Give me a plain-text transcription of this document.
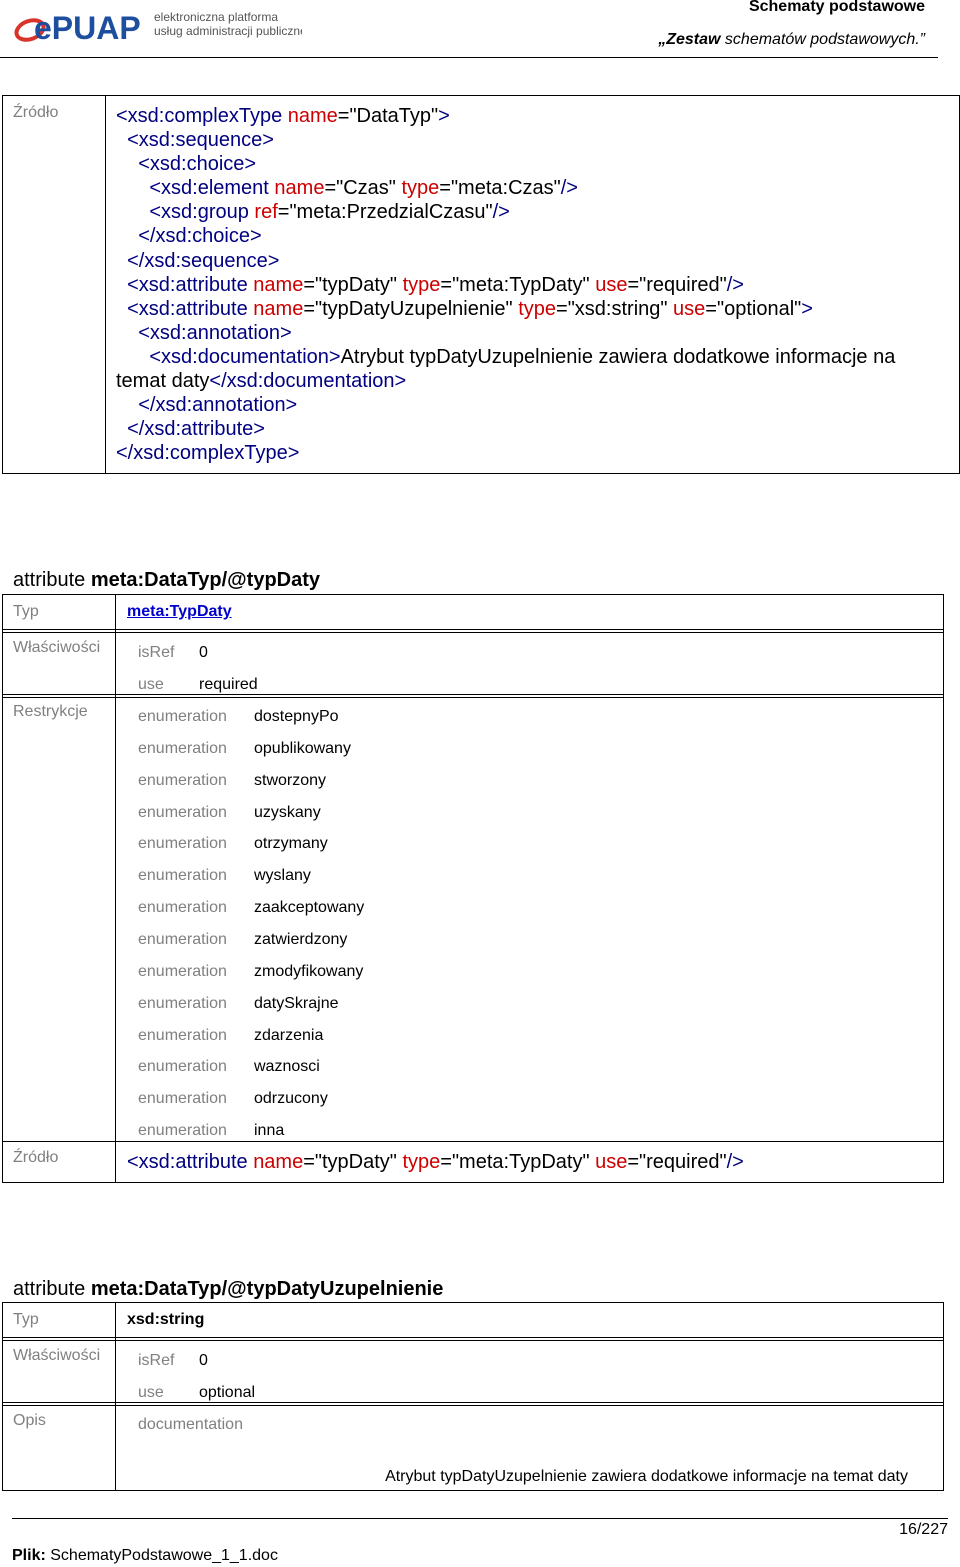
ePUAP elektroniczna platforma
usług administracji publicznej
Schematy podstawowe
„Zestaw schematów podstawowych.”
Źródło	<xsd:complexType name="DataTyp">
<xsd:sequence>
<xsd:choice>
<xsd:element name="Czas" type="meta:Czas"/>
<xsd:group ref="meta:PrzedzialCzasu"/>
</xsd:choice>
</xsd:sequence>
<xsd:attribute name="typDaty" type="meta:TypDaty" use="required"/>
<xsd:attribute name="typDatyUzupelnienie" type="xsd:string" use="optional">
<xsd:annotation>
<xsd:documentation>Atrybut typDatyUzupelnienie zawiera dodatkowe informacje na
temat daty</xsd:documentation>
</xsd:annotation>
</xsd:attribute>
</xsd:complexType>
attribute meta:DataTyp/@typDaty
Typ	meta:TypDaty
Właściwości isRef 0
use required
Restrykcje	enumeration dostepnyPo
enumeration opublikowany
enumeration stworzony
enumeration uzyskany
enumeration otrzymany
enumeration wyslany
enumeration zaakceptowany
enumeration zatwierdzony
enumeration zmodyfikowany
enumeration datySkrajne
enumeration zdarzenia
enumeration waznosci
enumeration odrzucony
enumeration inna
Źródło	<xsd:attribute name="typDaty" type="meta:TypDaty" use="required"/>
attribute meta:DataTyp/@typDatyUzupelnienie
Typ	xsd:string
Właściwości isRef 0
use optional
Opis	documentation
Atrybut typDatyUzupelnienie zawiera dodatkowe informacje na temat daty
16/227
Plik: SchematyPodstawowe_1_1.doc
